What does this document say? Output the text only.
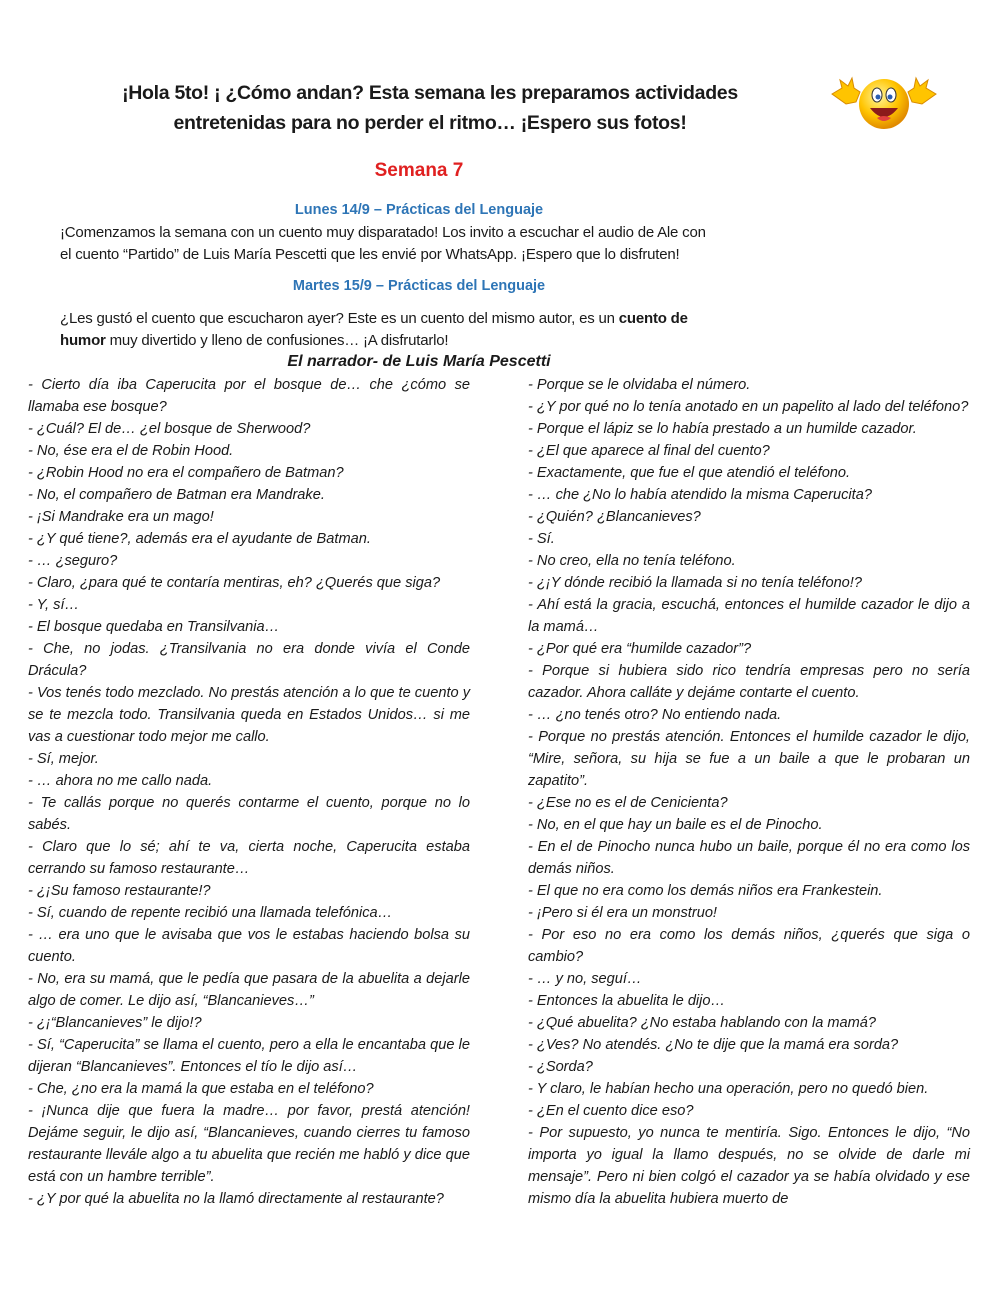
¡Hola 5to! ¡ ¿Cómo andan? Esta semana les preparamos actividades
entretenidas para no perder el ritmo… ¡Espero sus fotos!
Semana 7
Lunes 14/9 – Prácticas del Lenguaje
¡Comenzamos la semana con un cuento muy disparatado! Los invito a escuchar el audio de Ale con
el cuento “Partido” de Luis María Pescetti que les envié por WhatsApp. ¡Espero que lo disfruten!
Martes 15/9 – Prácticas del Lenguaje
¿Les gustó el cuento que escucharon ayer? Este es un cuento del mismo autor, es un cuento de
humor muy divertido y lleno de confusiones… ¡A disfrutarlo!
El narrador- de Luis María Pescetti

- Cierto día iba Caperucita por el bosque de… che ¿cómo se llamaba ese bosque?

- ¿Cuál? El de… ¿el bosque de Sherwood?

- No, ése era el de Robin Hood.

- ¿Robin Hood no era el compañero de Batman?

- No, el compañero de Batman era Mandrake.

- ¡Si Mandrake era un mago!

- ¿Y qué tiene?, además era el ayudante de Batman.

- … ¿seguro?

- Claro, ¿para qué te contaría mentiras, eh? ¿Querés que siga?

- Y, sí…

- El bosque quedaba en Transilvania…

- Che, no jodas. ¿Transilvania no era donde vivía el Conde Drácula?

- Vos tenés todo mezclado. No prestás atención a lo que te cuento y se te mezcla todo. Transilvania queda en Estados Unidos… si me vas a cuestionar todo mejor me callo.

- Sí, mejor.

- … ahora no me callo nada.

- Te callás porque no querés contarme el cuento, porque no lo sabés.

- Claro que lo sé; ahí te va, cierta noche, Caperucita estaba cerrando su famoso restaurante…

- ¿¡Su famoso restaurante!?

- Sí, cuando de repente recibió una llamada telefónica…

- … era uno que le avisaba que vos le estabas haciendo bolsa su cuento.

- No, era su mamá, que le pedía que pasara de la abuelita a dejarle algo de comer. Le dijo así, “Blancanieves…”

- ¿¡“Blancanieves” le dijo!?

- Sí, “Caperucita” se llama el cuento, pero a ella le encantaba que le dijeran “Blancanieves”. Entonces el tío le dijo así…

- Che, ¿no era la mamá la que estaba en el teléfono?

- ¡Nunca dije que fuera la madre… por favor, prestá atención! Dejáme seguir, le dijo así, “Blancanieves, cuando cierres tu famoso restaurante llevále algo a tu abuelita que recién me habló y dice que está con un hambre terrible”.

- ¿Y por qué la abuelita no la llamó directamente al restaurante?

- Porque se le olvidaba el número.

- ¿Y por qué no lo tenía anotado en un papelito al lado del teléfono?

- Porque el lápiz se lo había prestado a un humilde cazador.

- ¿El que aparece al final del cuento?

- Exactamente, que fue el que atendió el teléfono.

- … che ¿No lo había atendido la misma Caperucita?

- ¿Quién? ¿Blancanieves?

- Sí.

- No creo, ella no tenía teléfono.

- ¿¡Y dónde recibió la llamada si no tenía teléfono!?

- Ahí está la gracia, escuchá, entonces el humilde cazador le dijo a la mamá…

- ¿Por qué era “humilde cazador”?

- Porque si hubiera sido rico tendría empresas pero no sería cazador. Ahora calláte y dejáme contarte el cuento.

- … ¿no tenés otro? No entiendo nada.

- Porque no prestás atención. Entonces el humilde cazador le dijo, “Mire, señora, su hija se fue a un baile a que le probaran un zapatito”.

- ¿Ese no es el de Cenicienta?

- No, en el que hay un baile es el de Pinocho.

- En el de Pinocho nunca hubo un baile, porque él no era como los demás niños.

- El que no era como los demás niños era Frankestein.

- ¡Pero si él era un monstruo!

- Por eso no era como los demás niños, ¿querés que siga o cambio?

- … y no, seguí…

- Entonces la abuelita le dijo…

- ¿Qué abuelita? ¿No estaba hablando con la mamá?

- ¿Ves? No atendés. ¿No te dije que la mamá era sorda?

- ¿Sorda?

- Y claro, le habían hecho una operación, pero no quedó bien.

- ¿En el cuento dice eso?

- Por supuesto, yo nunca te mentiría. Sigo. Entonces le dijo, “No importa yo igual la llamo después, no se olvide de darle mi mensaje”. Pero ni bien colgó el cazador ya se había olvidado y ese mismo día la abuelita hubiera muerto de
